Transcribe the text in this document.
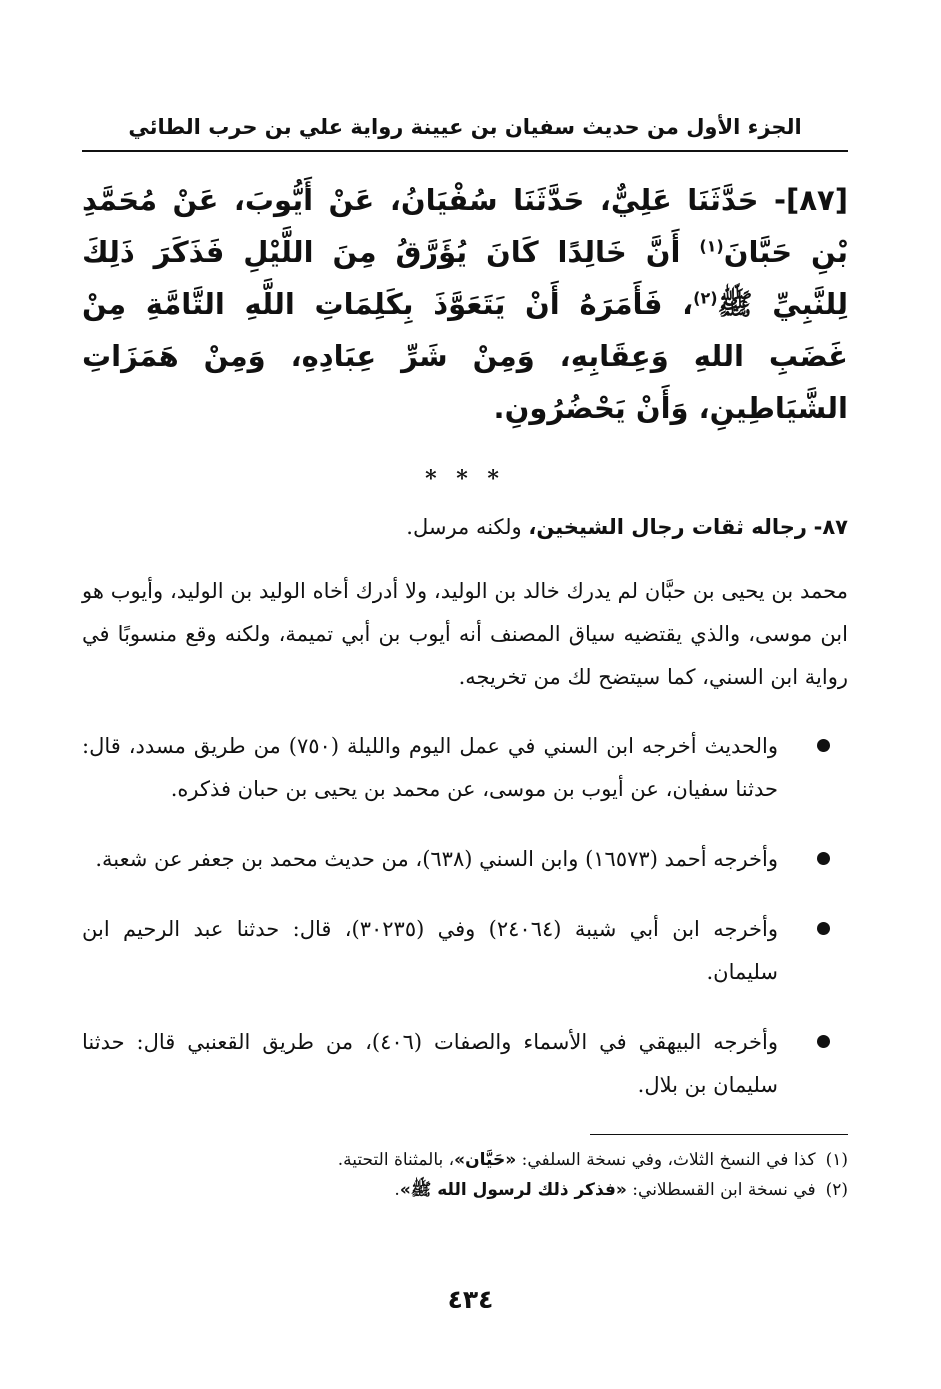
الجزء الأول من حديث سفيان بن عيينة رواية علي بن حرب الطائي

[٨٧]- حَدَّثَنَا عَلِيٌّ، حَدَّثَنَا سُفْيَانُ، عَنْ أَيُّوبَ، عَنْ مُحَمَّدِ بْنِ حَبَّانَ$^{(١)}$ أَنَّ خَالِدًا كَانَ يُؤَرَّقُ مِنَ اللَّيْلِ فَذَكَرَ ذَلِكَ لِلنَّبِيِّ ﷺ$^{(٢)}$، فَأَمَرَهُ أَنْ يَتَعَوَّذَ بِكَلِمَاتِ اللَّهِ التَّامَّةِ مِنْ غَضَبِ اللهِ وَعِقَابِهِ، وَمِنْ شَرِّ عِبَادِهِ، وَمِنْ هَمَزَاتِ الشَّيَاطِينِ، وَأَنْ يَحْضُرُونِ.

* * *
٨٧- رجاله ثقات رجال الشيخين، ولكنه مرسل.

محمد بن يحيى بن حبَّان لم يدرك خالد بن الوليد، ولا أدرك أخاه الوليد بن الوليد، وأيوب هو ابن موسى، والذي يقتضيه سياق المصنف أنه أيوب بن أبي تميمة، ولكنه وقع منسوبًا في رواية ابن السني، كما سيتضح لك من تخريجه.

والحديث أخرجه ابن السني في عمل اليوم والليلة (٧٥٠) من طريق مسدد، قال: حدثنا سفيان، عن أيوب بن موسى، عن محمد بن يحيى بن حبان فذكره.
وأخرجه أحمد (١٦٥٧٣) وابن السني (٦٣٨)، من حديث محمد بن جعفر عن شعبة.
وأخرجه ابن أبي شيبة (٢٤٠٦٤) وفي (٣٠٢٣٥)، قال: حدثنا عبد الرحيم ابن سليمان.
وأخرجه البيهقي في الأسماء والصفات (٤٠٦)، من طريق القعنبي قال: حدثنا سليمان بن بلال.
(١)كذا في النسخ الثلاث، وفي نسخة السلفي: «حَيَّان»، بالمثناة التحتية.
(٢)في نسخة ابن القسطلاني: «فذكر ذلك لرسول الله ﷺ».
٤٣٤
